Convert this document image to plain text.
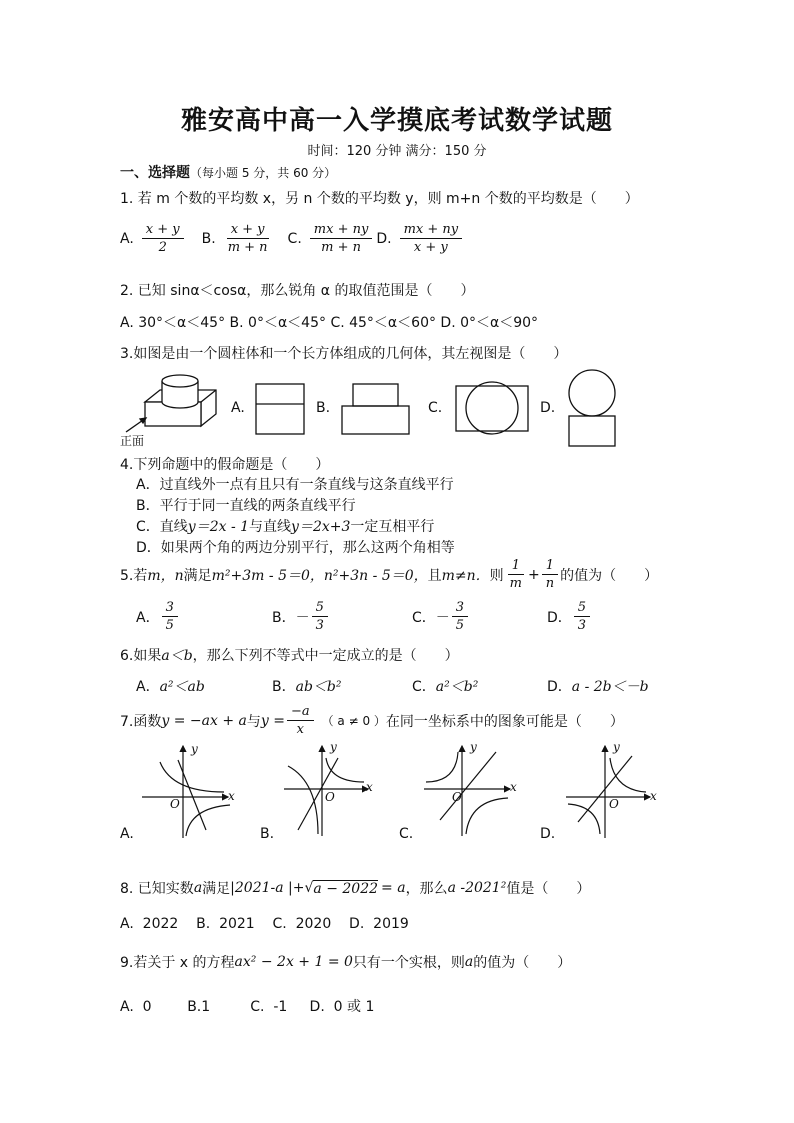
雅安高中高一入学摸底考试数学试题
时间：120 分钟 满分：150 分
一、选择题（每小题 5 分，共 60 分）
1. 若 m 个数的平均数 x，另 n 个数的平均数 y，则 m+n 个数的平均数是（　　）
A. $\frac{x + y}{2} B$. $\frac{x + y}{m + n} C$. $\frac{mx + ny}{m + n} D$. $\frac{mx + ny}{x + y}$
2. 已知 sinα＜cosα，那么锐角 α 的取值范围是（　　）
A. 30°＜α＜45° B. 0°＜α＜45° C. 45°＜α＜60° D. 0°＜α＜90°
3.如图是由一个圆柱体和一个长方体组成的几何体，其左视图是（　　）
正面
A.	B.	C.	D.
4.下列命题中的假命题是（　　）
A．过直线外一点有且只有一条直线与这条直线平行
B．平行于同一直线的两条直线平行
C．直线y＝2x - 1与直线y＝2x+3一定互相平行
D．如果两个角的两边分别平行，那么这两个角相等
5.若 m，n 满足 m²+3m - 5＝0，n²+3n - 5＝0， 且 m≠n． 则 $\frac{1}{m} + \frac{1}{n}$ 的值为（　　）
A． $\frac{3}{5}$	B．－ $\frac{5}{3}$	C．－ $\frac{3}{5}$	D． $\frac{5}{3}$
6.如果a＜b，那么下列不等式中一定成立的是（　　）
A．a²＜ab	B．ab＜b²	C．a²＜b²	D．a - 2b＜－b
7.函数 y = −ax + a 与 $y = \frac{-a}{x}$ （ a ≠ 0 ） 在同一坐标系中的图象可能是（　　）
y
x
O
y
x
O
y
x
O
y
x
O
A.	B.	C.	D.
8. 已知实数 a 满足 |2021-a |+ √ a − 2022 = a ，那么 a -2021² 值是（　　）
A.  2022    B.  2021    C.  2020    D.  2019
9.若关于 x 的方程 ax² − 2x + 1 = 0 只有一个实根，则 a 的值为（　　）
A.  0        B.1         C.  -1     D.  0 或 1
